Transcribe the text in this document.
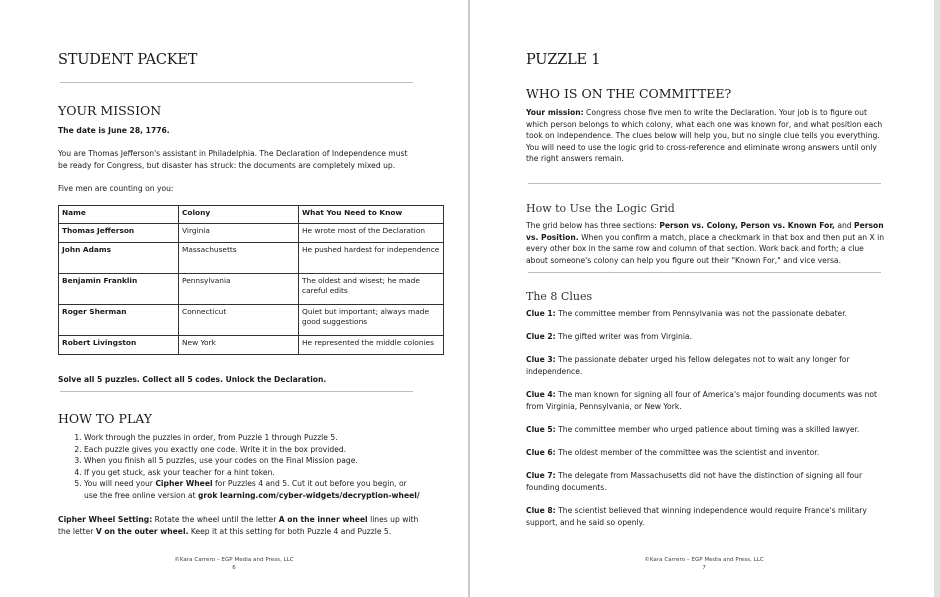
STUDENT PACKET
YOUR MISSION
The date is June 28, 1776.
You are Thomas Jefferson's assistant in Philadelphia. The Declaration of Independence must be ready for Congress, but disaster has struck: the documents are completely mixed up.
Five men are counting on you:
Name	Colony	What You Need to Know
Thomas Jefferson	Virginia	He wrote most of the Declaration
John Adams	Massachusetts	He pushed hardest for independence
Benjamin Franklin	Pennsylvania	The oldest and wisest; he made careful edits
Roger Sherman	Connecticut	Quiet but important; always made good suggestions
Robert Livingston	New York	He represented the middle colonies
Solve all 5 puzzles. Collect all 5 codes. Unlock the Declaration.
HOW TO PLAY
1. Work through the puzzles in order, from Puzzle 1 through Puzzle 5.
2. Each puzzle gives you exactly one code. Write it in the box provided.
3. When you finish all 5 puzzles, use your codes on the Final Mission page.
4. If you get stuck, ask your teacher for a hint token.
5. You will need your Cipher Wheel for Puzzles 4 and 5. Cut it out before you begin, or use the free online version at grok learning.com/cyber-widgets/decryption-wheel/
Cipher Wheel Setting: Rotate the wheel until the letter A on the inner wheel lines up with the letter V on the outer wheel. Keep it at this setting for both Puzzle 4 and Puzzle 5.
©Kara Carrero – EGP Media and Press, LLC
6
PUZZLE 1
WHO IS ON THE COMMITTEE?
Your mission: Congress chose five men to write the Declaration. Your job is to figure out which person belongs to which colony, what each one was known for, and what position each took on independence. The clues below will help you, but no single clue tells you everything. You will need to use the logic grid to cross-reference and eliminate wrong answers until only the right answers remain.
How to Use the Logic Grid
The grid below has three sections: Person vs. Colony, Person vs. Known For, and Person vs. Position. When you confirm a match, place a checkmark in that box and then put an X in every other box in the same row and column of that section. Work back and forth; a clue about someone's colony can help you figure out their "Known For," and vice versa.
The 8 Clues
Clue 1: The committee member from Pennsylvania was not the passionate debater.
Clue 2: The gifted writer was from Virginia.
Clue 3: The passionate debater urged his fellow delegates not to wait any longer for independence.
Clue 4: The man known for signing all four of America's major founding documents was not from Virginia, Pennsylvania, or New York.
Clue 5: The committee member who urged patience about timing was a skilled lawyer.
Clue 6: The oldest member of the committee was the scientist and inventor.
Clue 7: The delegate from Massachusetts did not have the distinction of signing all four founding documents.
Clue 8: The scientist believed that winning independence would require France's military support, and he said so openly.
©Kara Carrero – EGP Media and Press, LLC
7
